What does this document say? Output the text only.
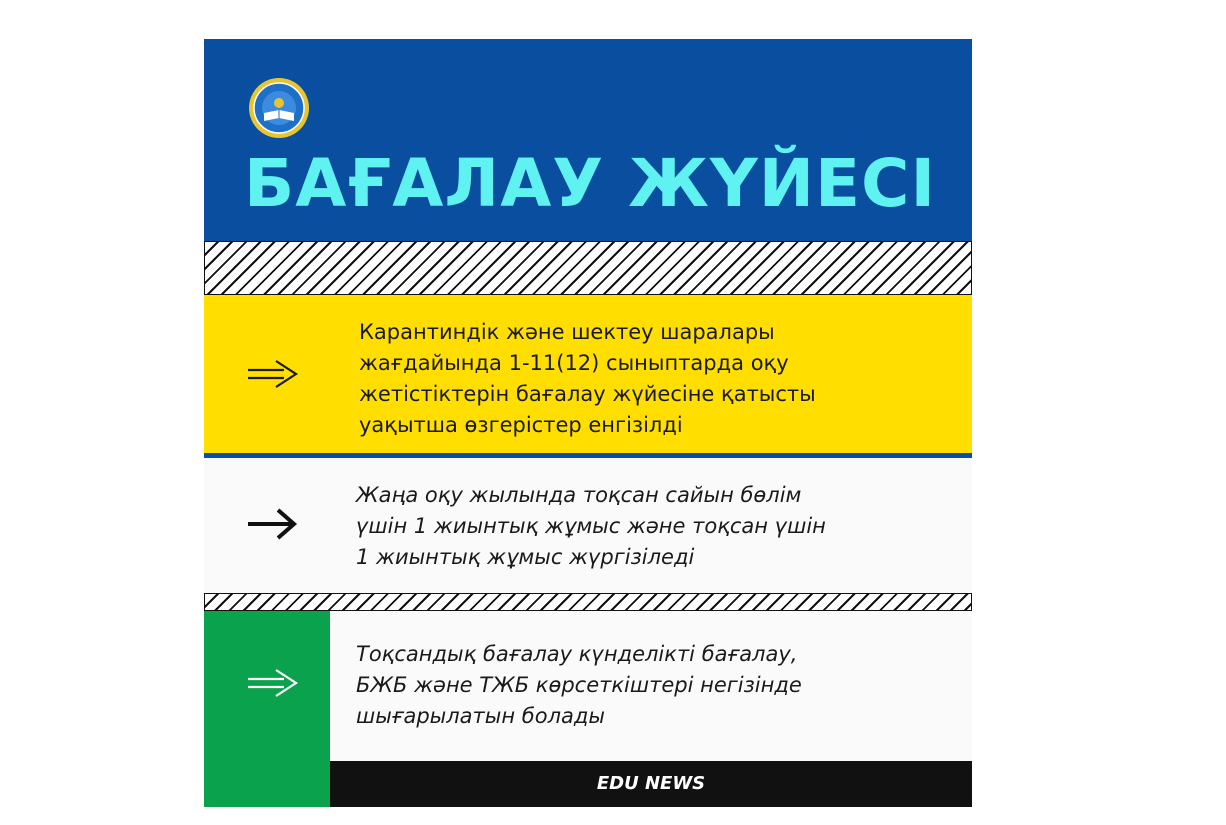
БАҒАЛАУ ЖҮЙЕСІ
Карантиндік және шектеу шаралары
жағдайында 1-11(12) сыныптарда оқу
жетістіктерін бағалау жүйесіне қатысты
уақытша өзгерістер енгізілді
Жаңа оқу жылында тоқсан сайын бөлім
үшін 1 жиынтық жұмыс және тоқсан үшін
1 жиынтық жұмыс жүргізіледі
Тоқсандық бағалау күнделікті бағалау,
БЖБ және ТЖБ көрсеткіштері негізінде
шығарылатын болады
EDU NEWS
